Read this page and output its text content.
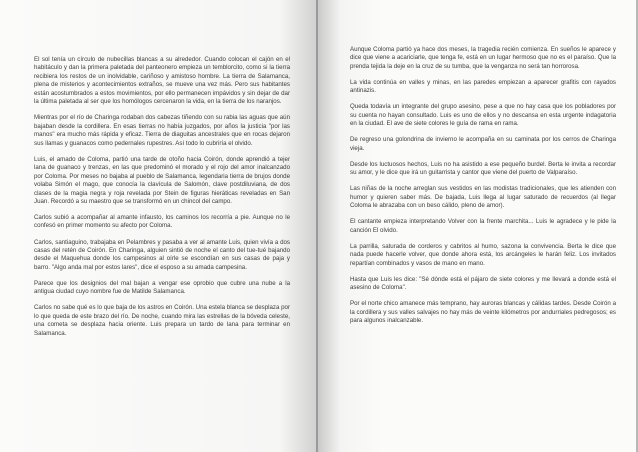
El sol tenía un círculo de nubecillas blancas a su alrededor. Cuando colocan el cajón en el habitáculo y dan la primera paletada del panteonero empieza un temblorcito, como si la tierra recibiera los restos de un inolvidable, cariñoso y amistoso hombre. La tierra de Salamanca, plena de misterios y acontecimientos extraños, se mueve una vez más. Pero sus habitantes están acostumbrados a estos movimientos, por ello permanecen impávidos y sin dejar de dar la última paletada al ser que los homólogos cercenaron la vida, en la tierra de los naranjos.

Mientras por el río de Charinga rodaban dos cabezas tiñendo con su rabia las aguas que aún bajaban desde la cordillera. En esas tierras no había juzgados, por años la justicia "por las manos" era mucho más rápida y eficaz. Tierra de diaguitas ancestrales que en rocas dejaron sus llamas y guanacos como pedernales rupestres. Así todo lo cubriría el olvido.

Luis, el amado de Coloma, partió una tarde de otoño hacia Coirón, donde aprendió a tejer lana de guanaco y trenzas, en las que predominó el morado y el rojo del amor inalcanzado por Coloma. Por meses no bajaba al pueblo de Salamanca, legendaria tierra de brujos donde volaba Simón el mago, que conocía la clavícula de Salomón, clave postdiluviana, de dos clases de la magia negra y roja revelada por Stein de figuras hieráticas reveladas en San Juan. Recordó a su maestro que se transformó en un chincol del campo.

Carlos subió a acompañar al amante infausto, los caminos los recorría a pie. Aunque no le confesó en primer momento su afecto por Coloma.

Carlos, santiaguino, trabajaba en Pelambres y pasaba a ver al amante Luis, quien vivía a dos casas del retén de Coirón. En Charinga, alguien sintió de noche el canto del tue-tué bajando desde el Maquehua donde los campesinos al oírle se escondían en sus casas de paja y barro. "Algo anda mal por estos lares", dice el esposo a su amada campesina.

Parece que los designios del mal bajan a vengar ese oprobio que cubre una nube a la antigua ciudad cuyo nombre fue de Matilde Salamanca.

Carlos no sabe qué es lo que baja de los astros en Coirón. Una estela blanca se desplaza por lo que queda de este brazo del río. De noche, cuando mira las estrellas de la bóveda celeste, una cometa se desplaza hacia oriente. Luis prepara un tardo de lana para terminar en Salamanca.

Aunque Coloma partió ya hace dos meses, la tragedia recién comienza. En sueños le aparece y dice que viene a acariciarle, que tenga fe, está en un lugar hermoso que no es el paraíso. Que la prenda tejida la deje en la cruz de su tumba, que la venganza no será tan horrorosa.

La vida continúa en valles y minas, en las paredes empiezan a aparecer grafitis con rayados antinazis.

Queda todavía un integrante del grupo asesino, pese a que no hay casa que los pobladores por su cuenta no hayan consultado. Luis es uno de ellos y no descansa en esta urgente indagatoria en la ciudad. El ave de siete colores le guía de rama en rama.

De regreso una golondrina de invierno le acompaña en su caminata por los cerros de Charinga vieja.

Desde los luctuosos hechos, Luis no ha asistido a ese pequeño burdel. Berta le invita a recordar su amor, y le dice que irá un guitarrista y cantor que viene del puerto de Valparaíso.

Las niñas de la noche arreglan sus vestidos en las modistas tradicionales, que les atienden con humor y quieren saber más. De bajada, Luis llega al lugar saturado de recuerdos (al llegar Coloma le abrazaba con un beso cálido, pleno de amor).

El cantante empieza interpretando Volver con la frente marchita... Luis le agradece y le pide la canción El olvido.

La parrilla, saturada de corderos y cabritos al humo, sazona la convivencia. Berta le dice que nada puede hacerle volver, que donde ahora está, los arcángeles le harán feliz. Los invitados repartían combinados y vasos de mano en mano.

Hasta que Luis les dice: "Sé dónde está el pájaro de siete colores y me llevará a donde está el asesino de Coloma".

Por el norte chico amanece más temprano, hay auroras blancas y cálidas tardes. Desde Coirón a la cordillera y sus valles salvajes no hay más de veinte kilómetros por andurriales pedregosos; es para algunos inalcanzable.
